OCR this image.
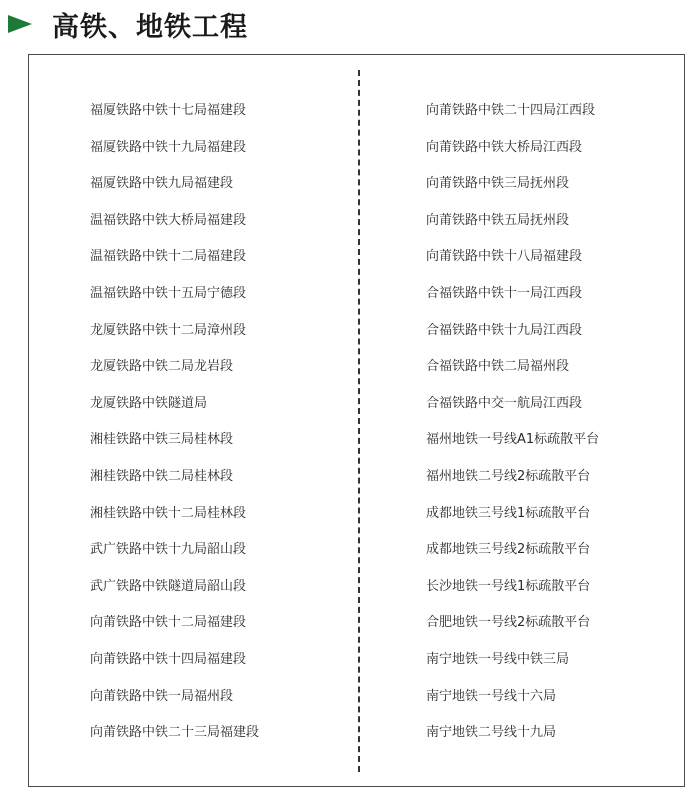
高铁、地铁工程
福厦铁路中铁十七局福建段
福厦铁路中铁十九局福建段
福厦铁路中铁九局福建段
温福铁路中铁大桥局福建段
温福铁路中铁十二局福建段
温福铁路中铁十五局宁德段
龙厦铁路中铁十二局漳州段
龙厦铁路中铁二局龙岩段
龙厦铁路中铁隧道局
湘桂铁路中铁三局桂林段
湘桂铁路中铁二局桂林段
湘桂铁路中铁十二局桂林段
武广铁路中铁十九局韶山段
武广铁路中铁隧道局韶山段
向莆铁路中铁十二局福建段
向莆铁路中铁十四局福建段
向莆铁路中铁一局福州段
向莆铁路中铁二十三局福建段
向莆铁路中铁二十四局江西段
向莆铁路中铁大桥局江西段
向莆铁路中铁三局抚州段
向莆铁路中铁五局抚州段
向莆铁路中铁十八局福建段
合福铁路中铁十一局江西段
合福铁路中铁十九局江西段
合福铁路中铁二局福州段
合福铁路中交一航局江西段
福州地铁一号线A1标疏散平台
福州地铁二号线2标疏散平台
成都地铁三号线1标疏散平台
成都地铁三号线2标疏散平台
长沙地铁一号线1标疏散平台
合肥地铁一号线2标疏散平台
南宁地铁一号线中铁三局
南宁地铁一号线十六局
南宁地铁二号线十九局
